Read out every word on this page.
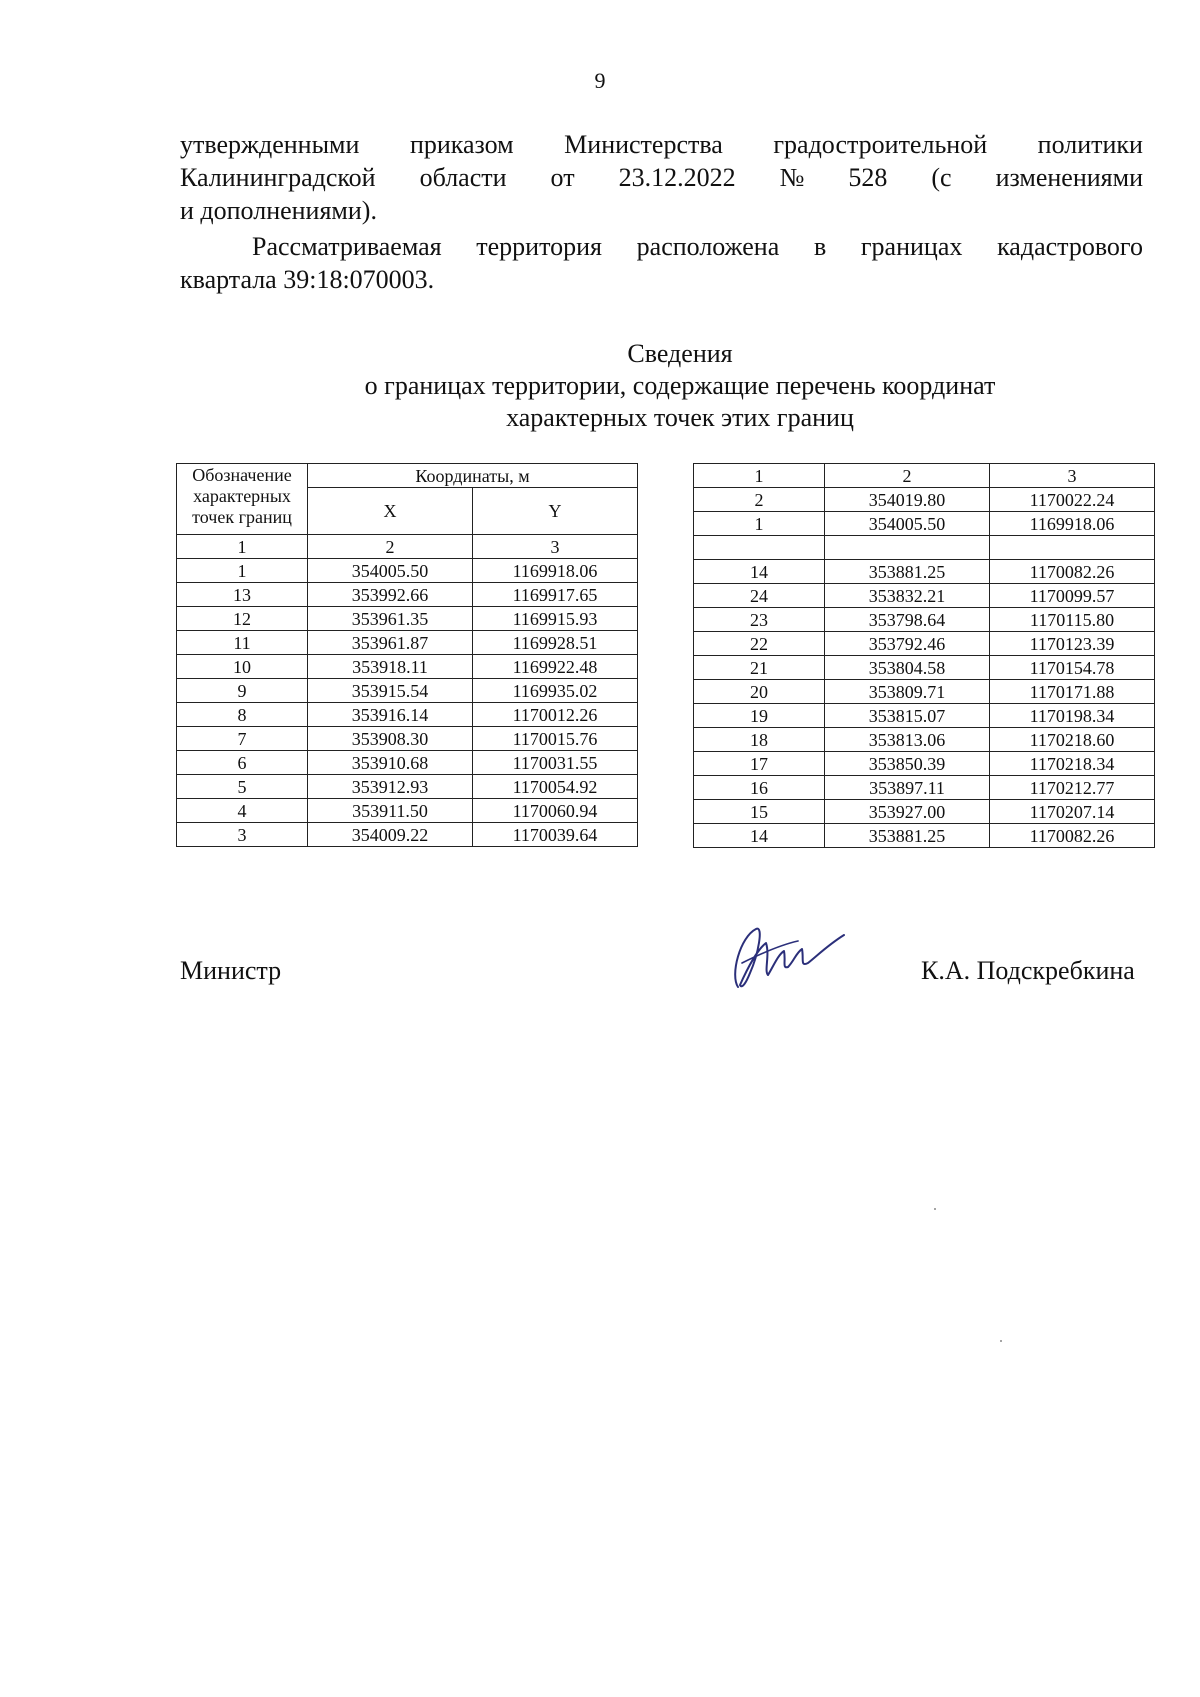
9
утвержденными приказом Министерства градостроительной политики
Калининградской области от 23.12.2022 № 528 (с изменениями
и дополнениями).
Рассматриваемая территория расположена в границах кадастрового
квартала 39:18:070003.
Сведения
о границах территории, содержащие перечень координат
характерных точек этих границ
Обозначение характерных точек границ	Координаты, м	
	X	Y
1	2	3
1	354005.50	1169918.06
13	353992.66	1169917.65
12	353961.35	1169915.93
11	353961.87	1169928.51
10	353918.11	1169922.48
9	353915.54	1169935.02
8	353916.14	1170012.26
7	353908.30	1170015.76
6	353910.68	1170031.55
5	353912.93	1170054.92
4	353911.50	1170060.94
3	354009.22	1170039.64
1	2	3
2	354019.80	1170022.24
1	354005.50	1169918.06

14	353881.25	1170082.26
24	353832.21	1170099.57
23	353798.64	1170115.80
22	353792.46	1170123.39
21	353804.58	1170154.78
20	353809.71	1170171.88
19	353815.07	1170198.34
18	353813.06	1170218.60
17	353850.39	1170218.34
16	353897.11	1170212.77
15	353927.00	1170207.14
14	353881.25	1170082.26
Министр	К.А. Подскребкина
